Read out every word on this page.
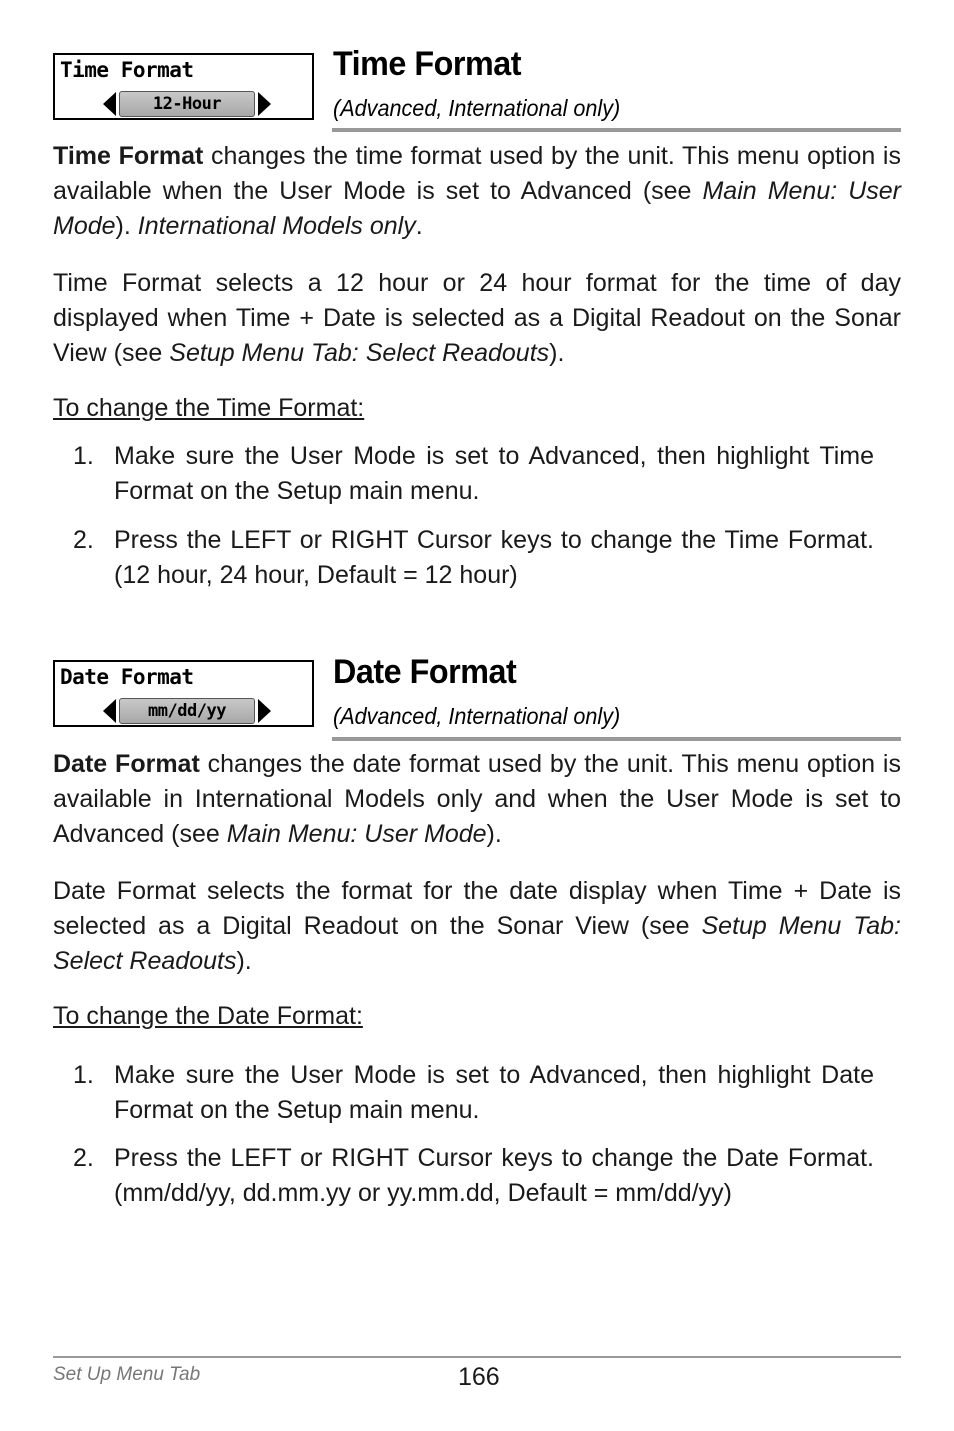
Time Format
12-Hour
Time Format
(Advanced, International only)

Time Format changes the time format used by the unit. This menu option is available when the User Mode is set to Advanced (see Main Menu: User Mode). International Models only.

Time Format selects a 12 hour or 24 hour format for the time of day displayed when Time + Date is selected as a Digital Readout on the Sonar View (see Setup Menu Tab: Select Readouts).

To change the Time Format:
1. Make sure the User Mode is set to Advanced, then highlight Time Format on the Setup main menu.
2. Press the LEFT or RIGHT Cursor keys to change the Time Format. (12 hour, 24 hour, Default = 12 hour)
Date Format
mm/dd/yy
Date Format
(Advanced, International only)

Date Format changes the date format used by the unit. This menu option is available in International Models only and when the User Mode is set to Advanced (see Main Menu: User Mode).

Date Format selects the format for the date display when Time + Date is selected as a Digital Readout on the Sonar View (see Setup Menu Tab: Select Readouts).

To change the Date Format:
1. Make sure the User Mode is set to Advanced, then highlight Date Format on the Setup main menu.
2. Press the LEFT or RIGHT Cursor keys to change the Date Format. (mm/dd/yy, dd.mm.yy or yy.mm.dd, Default = mm/dd/yy)
Set Up Menu Tab	166
